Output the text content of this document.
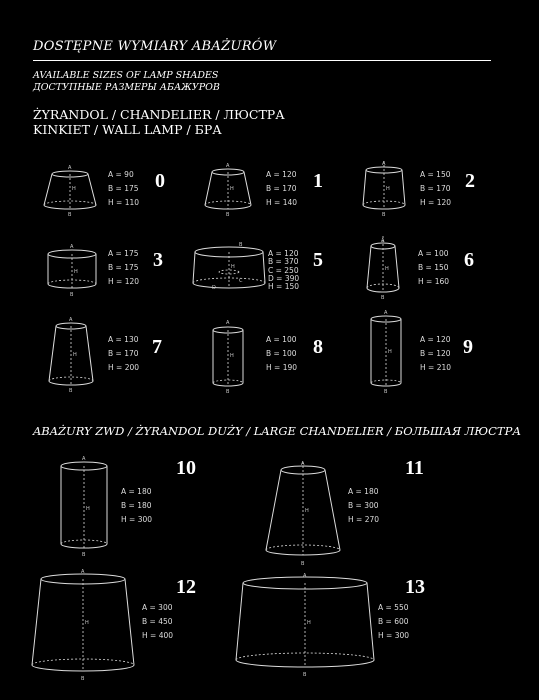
DOSTĘPNE WYMIARY ABAŻURÓW
AVAILABLE SIZES OF LAMP SHADES
ДОСТУПНЫЕ РАЗМЕРЫ АБАЖУРОВ
ŻYRANDOL / CHANDELIER / ЛЮСТРА
KINKIET / WALL LAMP / БРА
ABAŻURY ZWD / ŻYRANDOL DUŻY / LARGE CHANDELIER / БОЛЬШАЯ ЛЮСТРА
A
H
B
A
H
B
A
H
B
A
H
B
B
H
C
D
A
H
B
A
H
B
A
H
B
A
H
B
A
H
B
A
H
B
A
H
B
A
H
B
A = 90
B = 175
H = 110
0	A = 120
B = 170
H = 140
1	A = 150
B = 170
H = 120
2
A = 175
B = 175
H = 120
3	A = 120
B = 370
C = 250
D = 390
H = 150
5	A = 100
B = 150
H = 160
6
A = 130
B = 170
H = 200
7	A = 100
B = 100
H = 190
8	A = 120
B = 120
H = 210
9
A = 180
B = 180
H = 300
10
A = 180
B = 300
H = 270
11
A = 300
B = 450
H = 400
12
A = 550
B = 600
H = 300
13
